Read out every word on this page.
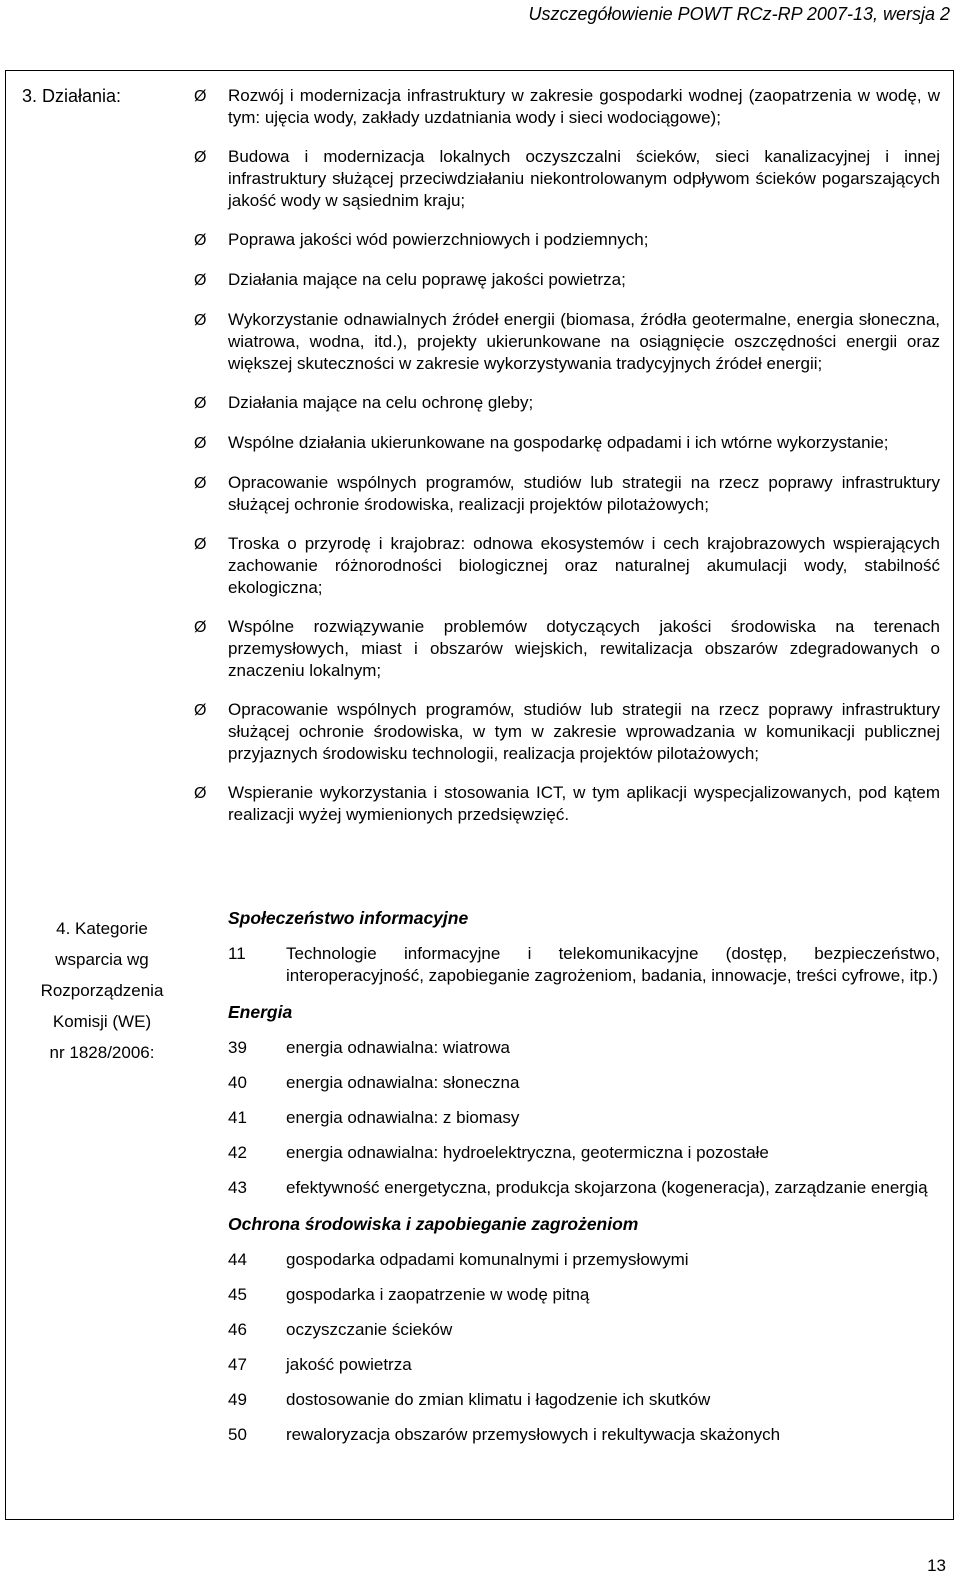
Uszczegółowienie POWT RCz-RP 2007-13, wersja 2
3. Działania:	Ø	Rozwój i modernizacja infrastruktury w zakresie gospodarki wodnej (zaopatrzenia w wodę, w tym: ujęcia wody, zakłady uzdatniania wody i sieci wodociągowe);
Ø	Budowa i modernizacja lokalnych oczyszczalni ścieków, sieci kanalizacyjnej i innej infrastruktury służącej przeciwdziałaniu niekontrolowanym odpływom ścieków pogarszających jakość wody w sąsiednim kraju;
Ø	Poprawa jakości wód powierzchniowych i podziemnych;
Ø	Działania mające na celu poprawę jakości powietrza;
Ø	Wykorzystanie odnawialnych źródeł energii (biomasa, źródła geotermalne, energia słoneczna, wiatrowa, wodna, itd.), projekty ukierunkowane na osiągnięcie oszczędności energii oraz większej skuteczności w zakresie wykorzystywania tradycyjnych źródeł energii;
Ø	Działania mające na celu ochronę gleby;
Ø	Wspólne działania ukierunkowane na gospodarkę odpadami i ich wtórne wykorzystanie;
Ø	Opracowanie wspólnych programów, studiów lub strategii na rzecz poprawy infrastruktury służącej ochronie środowiska, realizacji projektów pilotażowych;
Ø	Troska o przyrodę i krajobraz: odnowa ekosystemów i cech krajobrazowych wspierających zachowanie różnorodności biologicznej oraz naturalnej akumulacji wody, stabilność ekologiczna;
Ø	Wspólne rozwiązywanie problemów dotyczących jakości środowiska na terenach przemysłowych, miast i obszarów wiejskich, rewitalizacja obszarów zdegradowanych o znaczeniu lokalnym;
Ø	Opracowanie wspólnych programów, studiów lub strategii na rzecz poprawy infrastruktury służącej ochronie środowiska, w tym w zakresie wprowadzania w komunikacji publicznej przyjaznych środowisku technologii, realizacja projektów pilotażowych;
Ø	Wspieranie wykorzystania i stosowania ICT, w tym aplikacji wyspecjalizowanych, pod kątem realizacji wyżej wymienionych przedsięwzięć.
4. Kategorie
wsparcia wg
Rozporządzenia
Komisji (WE)
nr 1828/2006:
Społeczeństwo informacyjne
11	Technologie informacyjne i telekomunikacyjne (dostęp, bezpieczeństwo, interoperacyjność, zapobieganie zagrożeniom, badania, innowacje, treści cyfrowe, itp.)
Energia
39	energia odnawialna: wiatrowa
40	energia odnawialna: słoneczna
41	energia odnawialna: z biomasy
42	energia odnawialna: hydroelektryczna, geotermiczna i pozostałe
43	efektywność energetyczna, produkcja skojarzona (kogeneracja), zarządzanie energią
Ochrona środowiska i zapobieganie zagrożeniom
44	gospodarka odpadami komunalnymi i przemysłowymi
45	gospodarka i zaopatrzenie w wodę pitną
46	oczyszczanie ścieków
47	jakość powietrza
49	dostosowanie do zmian klimatu i łagodzenie ich skutków
50	rewaloryzacja obszarów przemysłowych i rekultywacja skażonych
13
